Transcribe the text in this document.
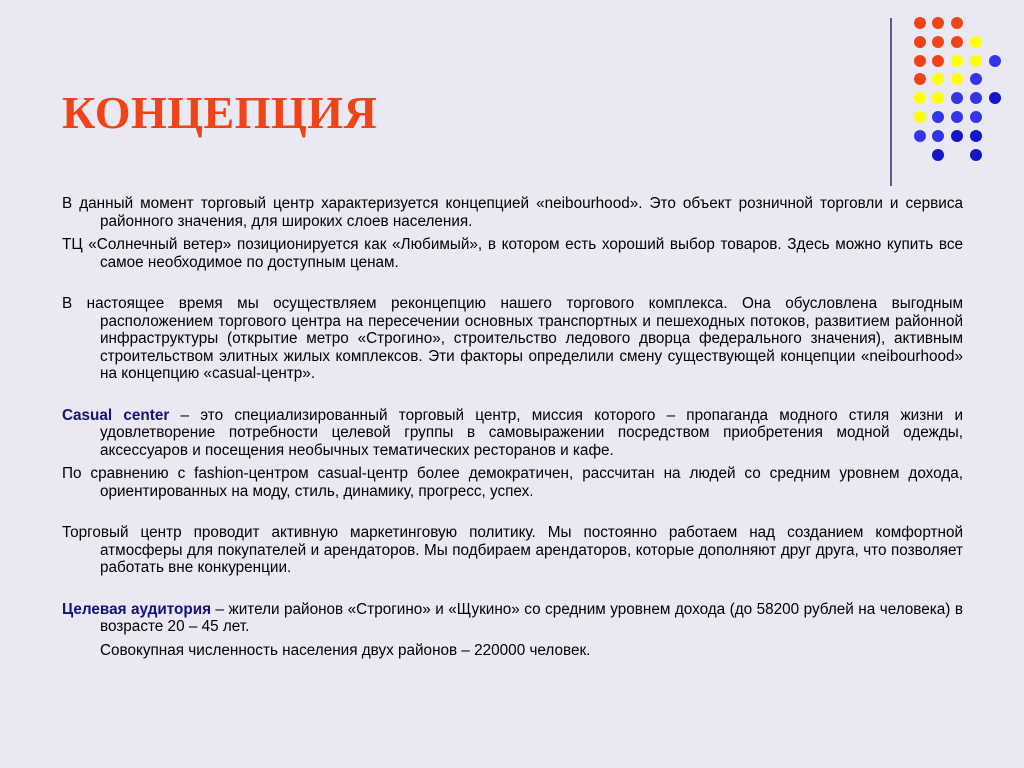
КОНЦЕПЦИЯ

В данный момент торговый центр характеризуется концепцией «neibourhood». Это объект розничной торговли и сервиса районного значения, для широких слоев населения.

ТЦ «Солнечный ветер» позиционируется как «Любимый», в котором есть хороший выбор товаров. Здесь можно купить все самое необходимое по доступным ценам.

В настоящее время мы осуществляем реконцепцию нашего торгового комплекса. Она обусловлена выгодным расположением торгового центра на пересечении основных транспортных и пешеходных потоков, развитием районной инфраструктуры (открытие метро «Строгино», строительство ледового дворца федерального значения), активным строительством элитных жилых комплексов. Эти факторы определили смену существующей концепции «neibourhood» на концепцию «casual-центр».

Casual center – это специализированный торговый центр, миссия которого – пропаганда модного стиля жизни и удовлетворение потребности целевой группы в самовыражении посредством приобретения модной одежды, аксессуаров и посещения необычных тематических ресторанов и кафе.

По сравнению с fashion-центром casual-центр более демократичен, рассчитан на людей со средним уровнем дохода, ориентированных на моду, стиль, динамику, прогресс, успех.

Торговый центр проводит активную маркетинговую политику. Мы постоянно работаем над созданием комфортной атмосферы для покупателей и арендаторов. Мы подбираем арендаторов, которые дополняют друг друга, что позволяет работать вне конкуренции.

Целевая аудитория – жители районов «Строгино» и «Щукино» со средним уровнем дохода (до 58200 рублей на человека) в возрасте 20 – 45 лет.

Совокупная численность населения двух районов – 220000 человек.
